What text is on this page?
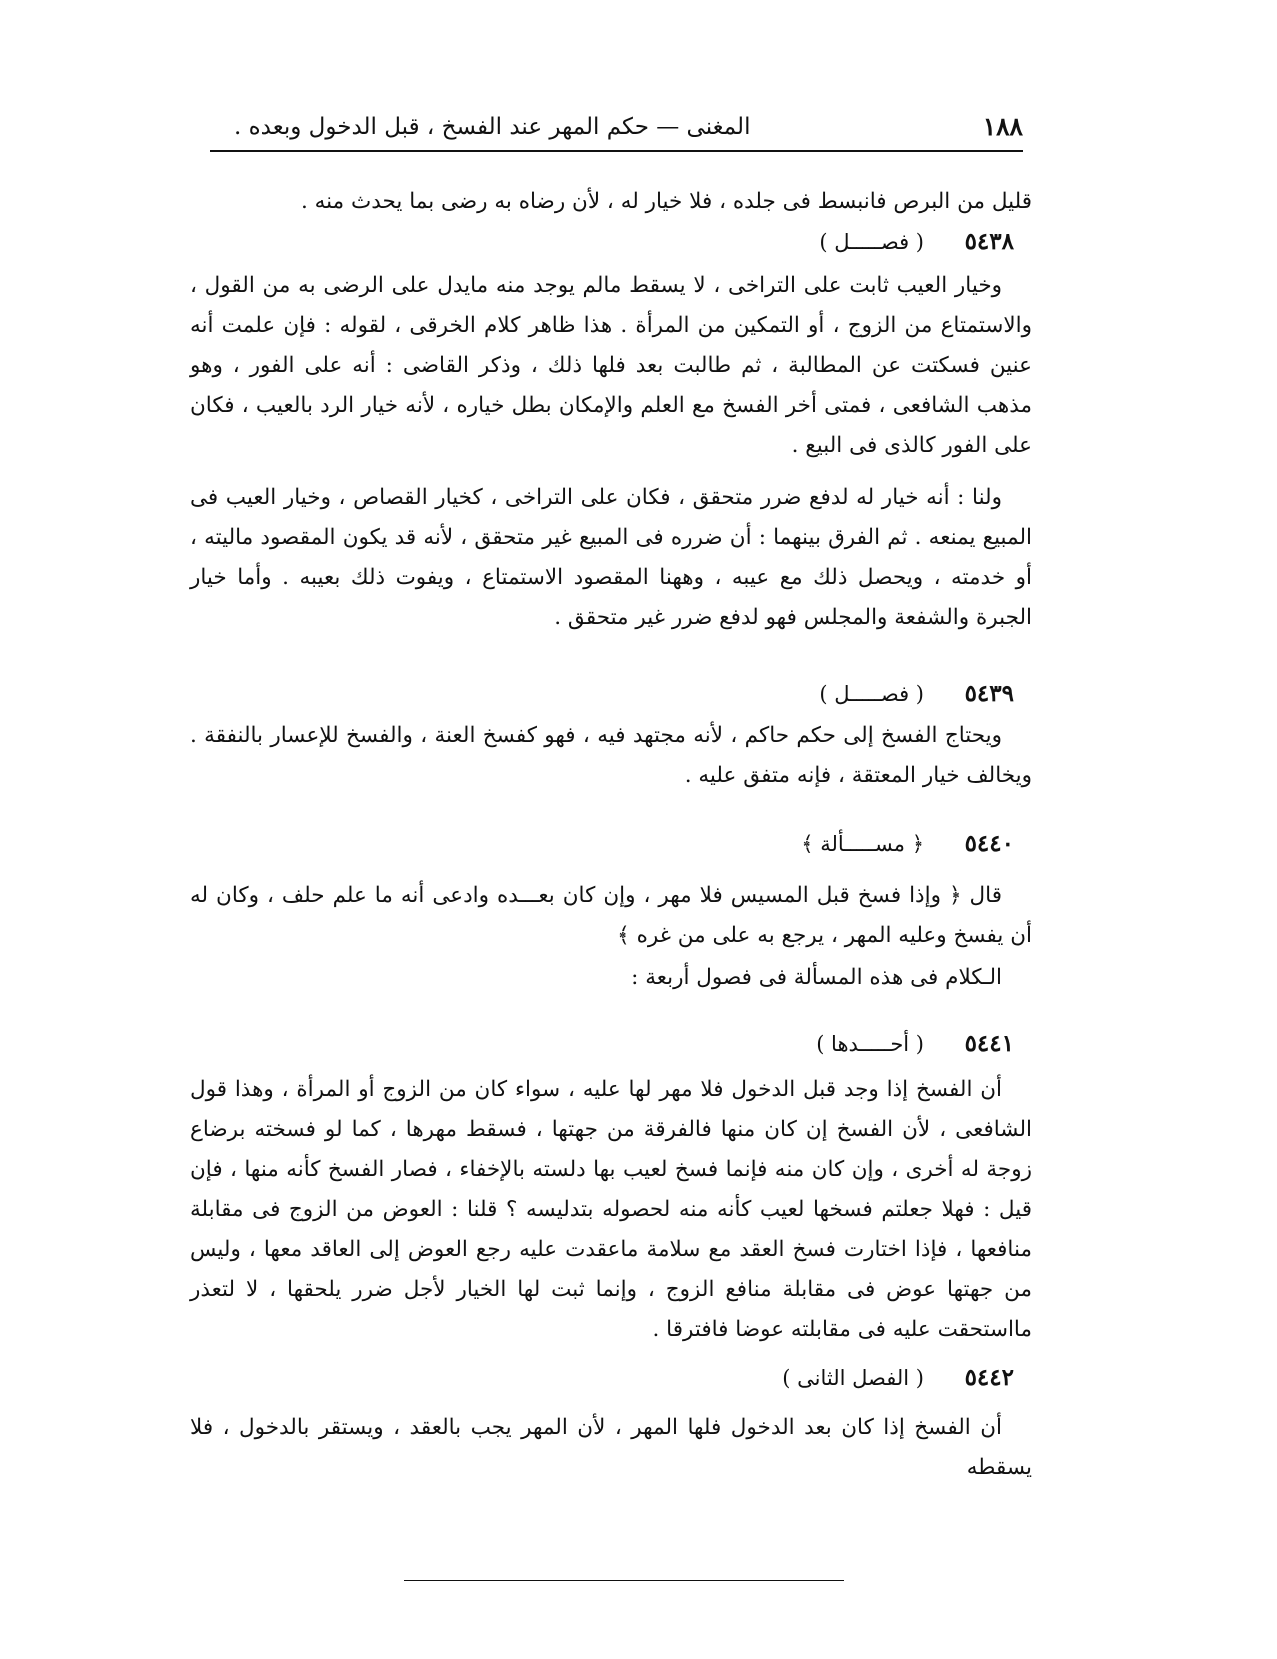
١٨٨
المغنى — حكم المهر عند الفسخ ، قبل الدخول وبعده .

قليل من البرص فانبسط فى جلده ، فلا خيار له ، لأن رضاه به رضى بما يحدث منه .

٥٤٣٨
( فصـــــل )

وخيار العيب ثابت على التراخى ، لا يسقط مالم يوجد منه مايدل على الرضى به من القول ، والاستمتاع من الزوج ، أو التمكين من المرأة . هذا ظاهر كلام الخرقى ، لقوله : فإن علمت أنه عنين فسكتت عن المطالبة ، ثم طالبت بعد فلها ذلك ، وذكر القاضى : أنه على الفور ، وهو مذهب الشافعى ، فمتى أخر الفسخ مع العلم والإمكان بطل خياره ، لأنه خيار الرد بالعيب ، فكان على الفور كالذى فى البيع .

ولنا : أنه خيار له لدفع ضرر متحقق ، فكان على التراخى ، كخيار القصاص ، وخيار العيب فى المبيع يمنعه . ثم الفرق بينهما : أن ضرره فى المبيع غير متحقق ، لأنه قد يكون المقصود ماليته ، أو خدمته ، ويحصل ذلك مع عيبه ، وههنا المقصود الاستمتاع ، ويفوت ذلك بعيبه . وأما خيار الجبرة والشفعة والمجلس فهو لدفع ضرر غير متحقق .

٥٤٣٩
( فصـــــل )

ويحتاج الفسخ إلى حكم حاكم ، لأنه مجتهد فيه ، فهو كفسخ العنة ، والفسخ للإعسار بالنفقة . ويخالف خيار المعتقة ، فإنه متفق عليه .

٥٤٤٠
﴿ مســـــألة ﴾

قال ﴿ وإذا فسخ قبل المسيس فلا مهر ، وإن كان بعـــده وادعى أنه ما علم حلف ، وكان له أن يفسخ وعليه المهر ، يرجع به على من غره ﴾

الـكلام فى هذه المسألة فى فصول أربعة :

٥٤٤١
( أحـــــدها )

أن الفسخ إذا وجد قبل الدخول فلا مهر لها عليه ، سواء كان من الزوج أو المرأة ، وهذا قول الشافعى ، لأن الفسخ إن كان منها فالفرقة من جهتها ، فسقط مهرها ، كما لو فسخته برضاع زوجة له أخرى ، وإن كان منه فإنما فسخ لعيب بها دلسته بالإخفاء ، فصار الفسخ كأنه منها ، فإن قيل : فهلا جعلتم فسخها لعيب كأنه منه لحصوله بتدليسه ؟ قلنا : العوض من الزوج فى مقابلة منافعها ، فإذا اختارت فسخ العقد مع سلامة ماعقدت عليه رجع العوض إلى العاقد معها ، وليس من جهتها عوض فى مقابلة منافع الزوج ، وإنما ثبت لها الخيار لأجل ضرر يلحقها ، لا لتعذر مااستحقت عليه فى مقابلته عوضا فافترقا .

٥٤٤٢
( الفصل الثانى )

أن الفسخ إذا كان بعد الدخول فلها المهر ، لأن المهر يجب بالعقد ، ويستقر بالدخول ، فلا يسقطه
